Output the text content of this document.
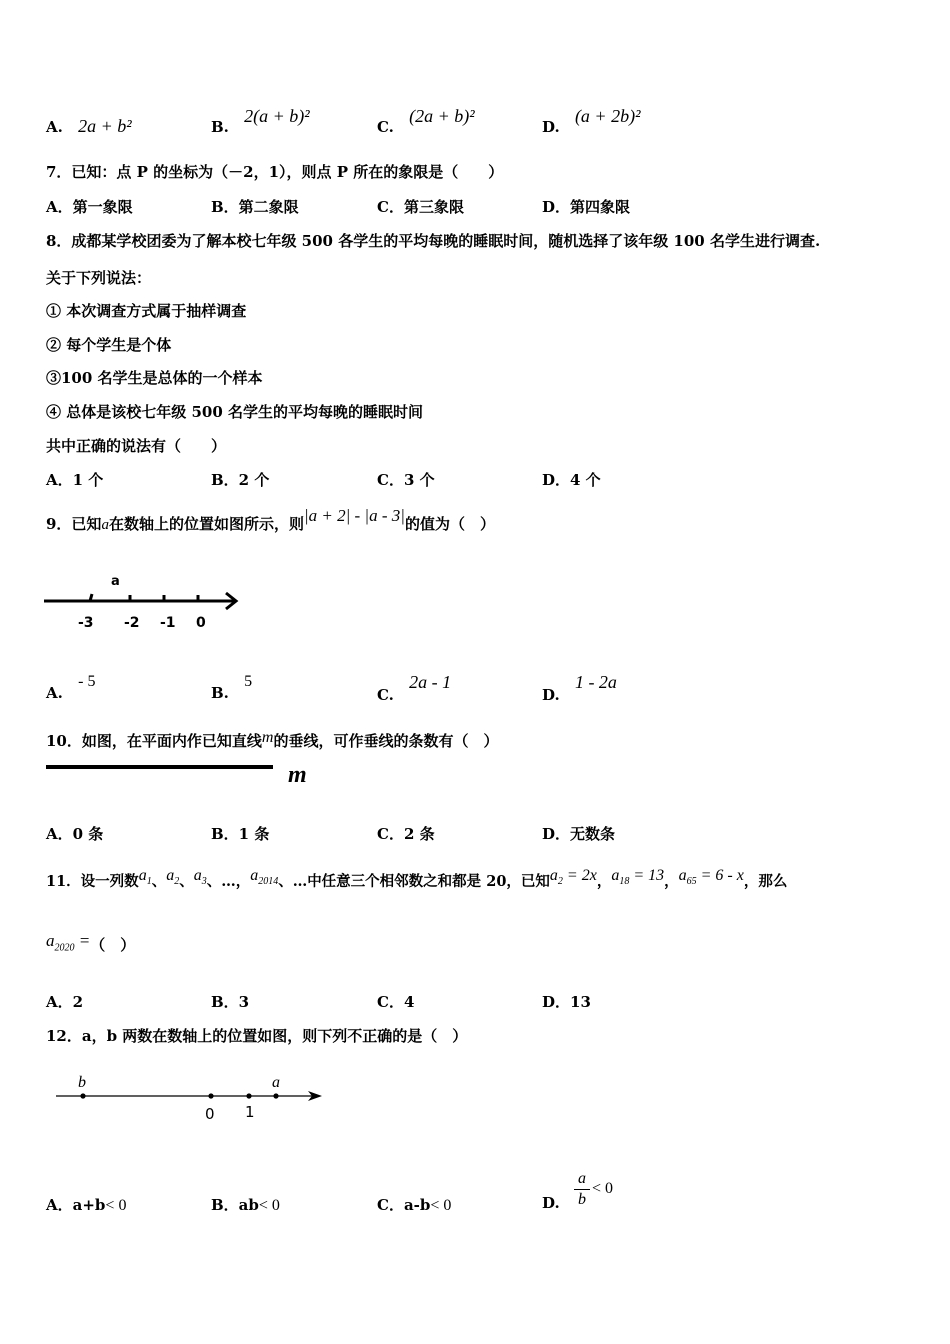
A. 2a + b²	B. 2(a + b)²
C. (2a + b)²
D. (a + 2b)²
7．已知：点 P 的坐标为（－2，1），则点 P 所在的象限是（　　）
A．第一象限	B．第二象限	C．第三象限	D．第四象限
8．成都某学校团委为了解本校七年级 500 各学生的平均每晚的睡眠时间，随机选择了该年级 100 名学生进行调查.
关于下列说法：
① 本次调查方式属于抽样调查
② 每个学生是个体
③100 名学生是总体的一个样本
④ 总体是该校七年级 500 名学生的平均每晚的睡眠时间
共中正确的说法有（　　）
A．1 个	B．2 个	C．3 个	D．4 个
9．已知a在数轴上的位置如图所示，则|a + 2| - |a - 3|的值为（　）
a
-3 -2 -1 0
A. - 5
B. 5
C. 2a - 1
D. 1 - 2a
10．如图，在平面内作已知直线m的垂线，可作垂线的条数有（　）
m
A．0 条	B．1 条	C．2 条	D．无数条
11．设一列数$a_1$、$a_2$、$a_3$、…，$a_{2014}$、…中任意三个相邻数之和都是 20，已知$a_2 = 2x$，$a_{18} = 13$，$a_{65} = 6 - x$，那么
$a_{2020}$ =（　）
A．2	B．3	C．4	D．13
12．a，b 两数在数轴上的位置如图，则下列不正确的是（　）
b	a
0 1
A．a+b< 0	B．ab< 0	C．a-b< 0	D.
a
b
< 0
